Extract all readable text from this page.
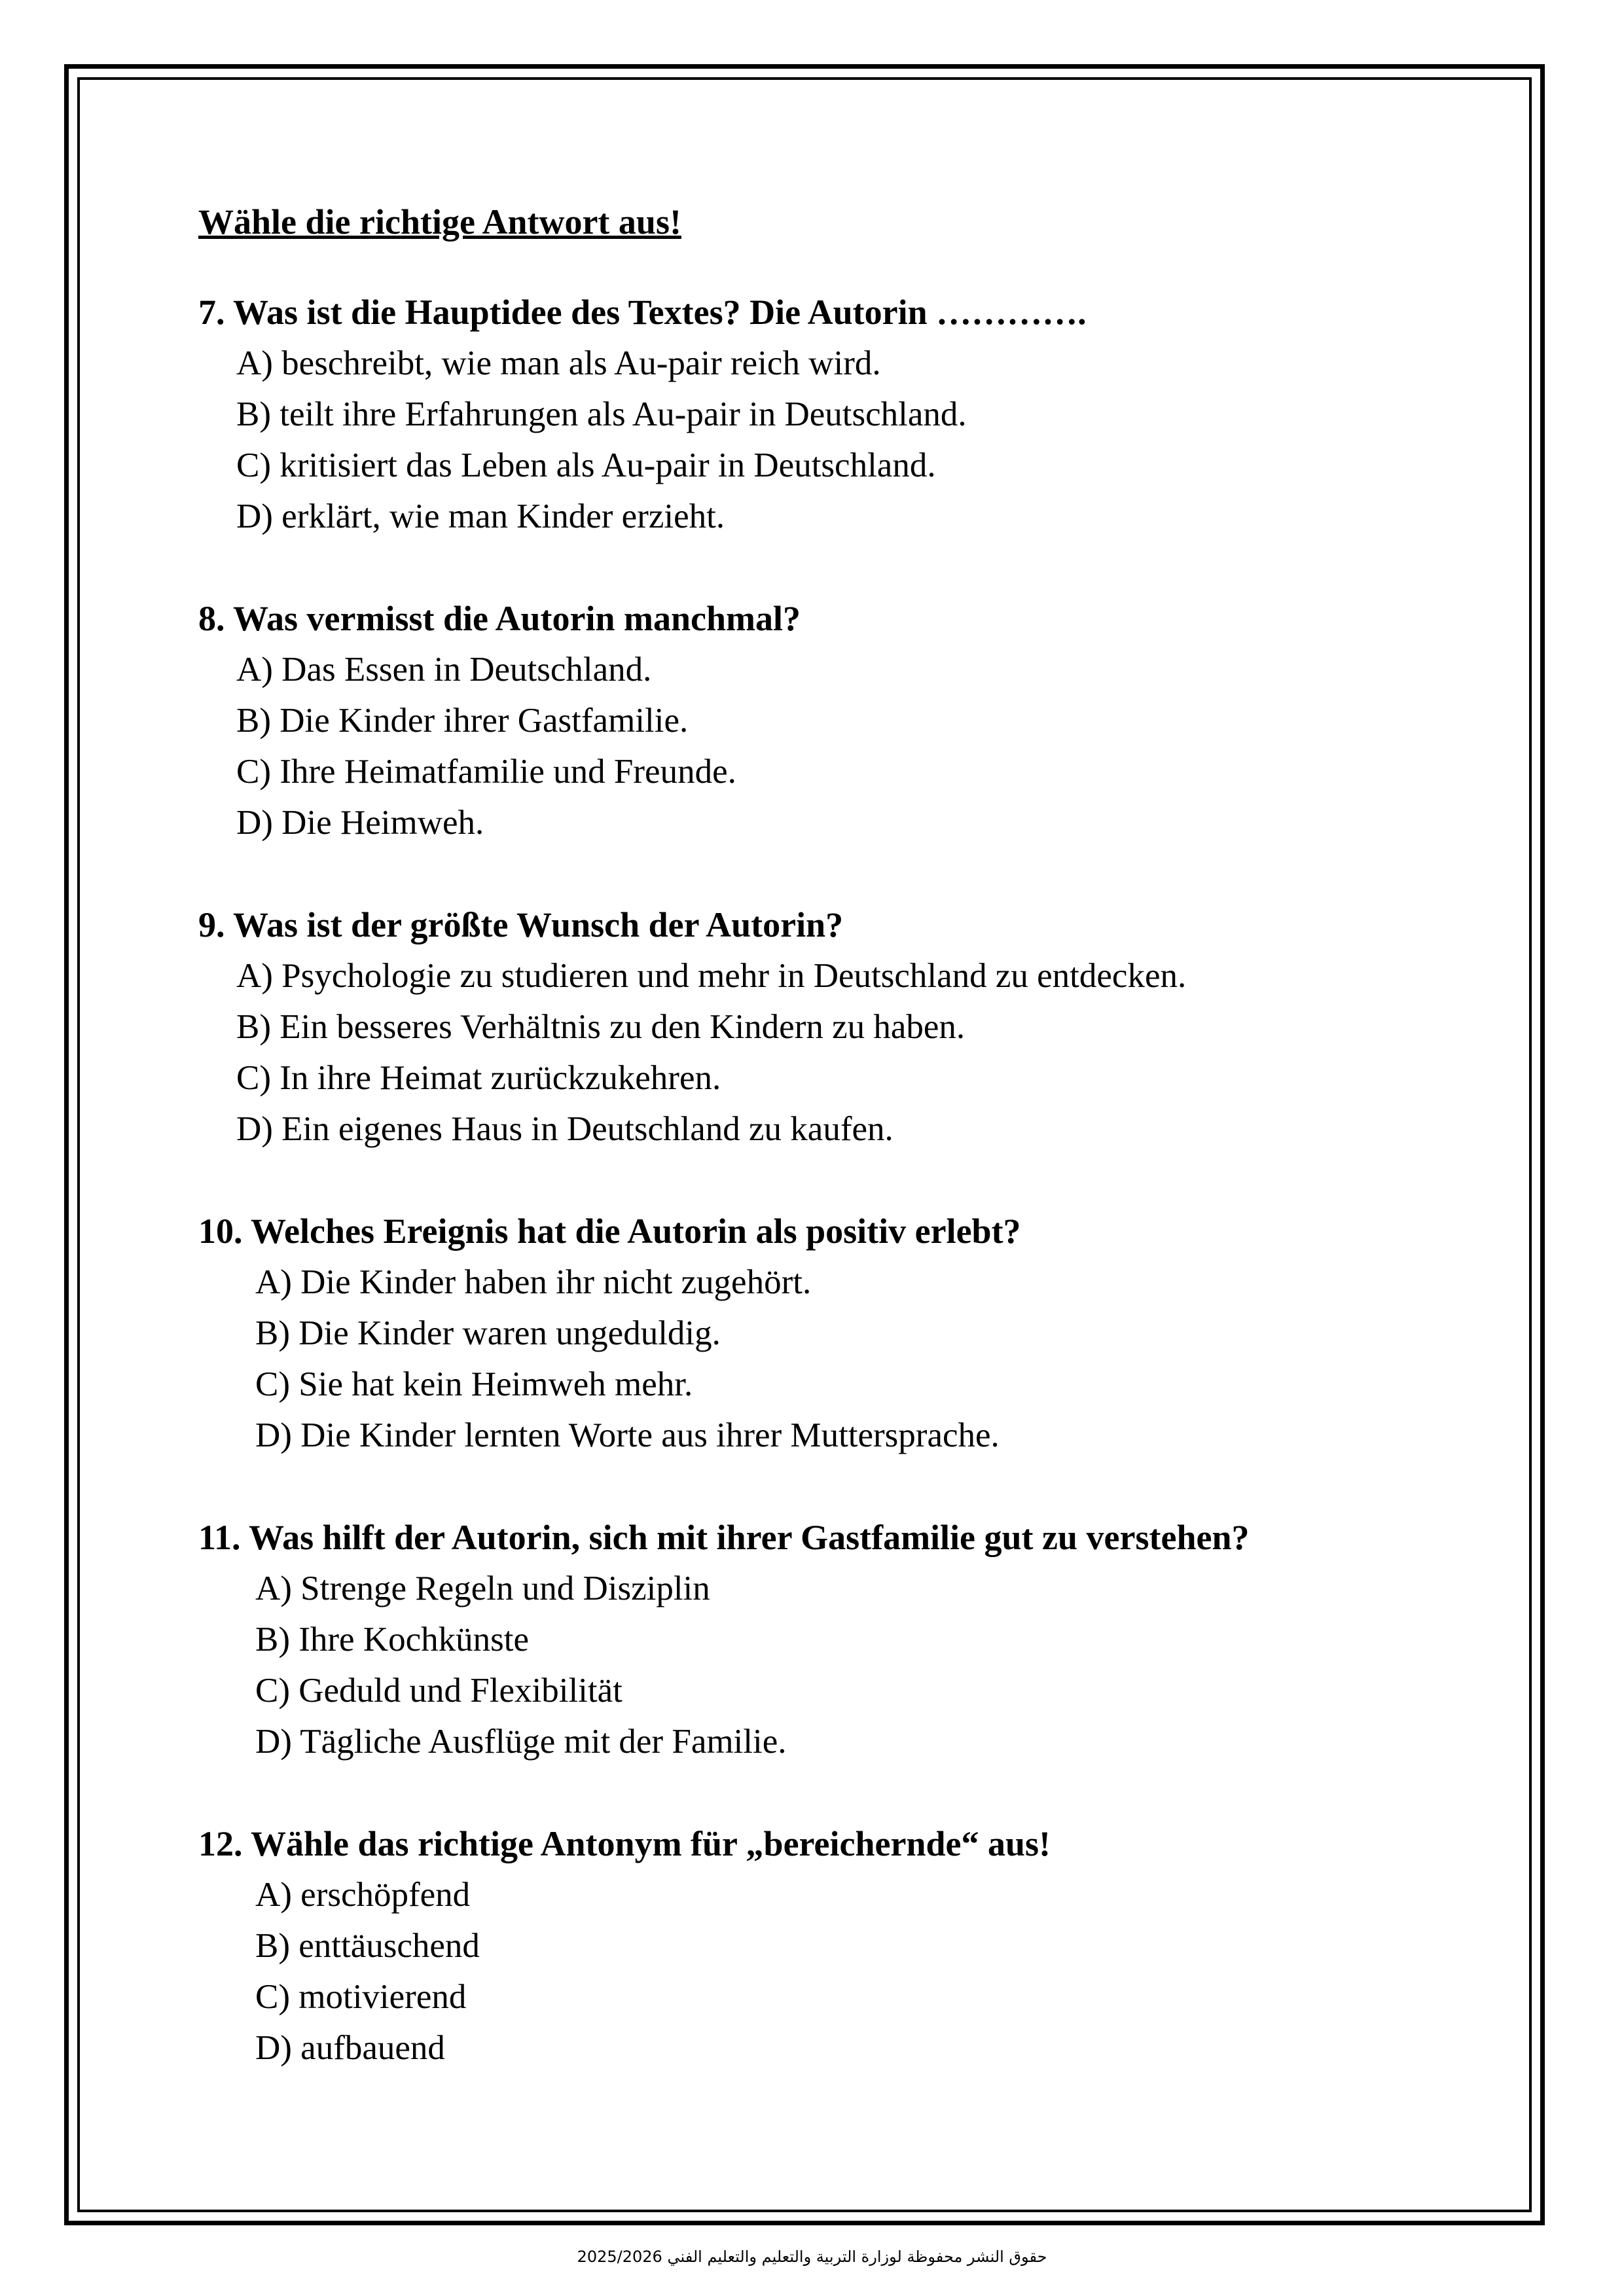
Wähle die richtige Antwort aus!
7. Was ist die Hauptidee des Textes? Die Autorin ………….
A) beschreibt, wie man als Au-pair reich wird.
B) teilt ihre Erfahrungen als Au-pair in Deutschland.
C) kritisiert das Leben als Au-pair in Deutschland.
D) erklärt, wie man Kinder erzieht.
8. Was vermisst die Autorin manchmal?
A) Das Essen in Deutschland.
B) Die Kinder ihrer Gastfamilie.
C) Ihre Heimatfamilie und Freunde.
D) Die Heimweh.
9. Was ist der größte Wunsch der Autorin?
A) Psychologie zu studieren und mehr in Deutschland zu entdecken.
B) Ein besseres Verhältnis zu den Kindern zu haben.
C) In ihre Heimat zurückzukehren.
D) Ein eigenes Haus in Deutschland zu kaufen.
10. Welches Ereignis hat die Autorin als positiv erlebt?
A) Die Kinder haben ihr nicht zugehört.
B) Die Kinder waren ungeduldig.
C) Sie hat kein Heimweh mehr.
D) Die Kinder lernten Worte aus ihrer Muttersprache.
11. Was hilft der Autorin, sich mit ihrer Gastfamilie gut zu verstehen?
A) Strenge Regeln und Disziplin
B) Ihre Kochkünste
C) Geduld und Flexibilität
D) Tägliche Ausflüge mit der Familie.
12. Wähle das richtige Antonym für „bereichernde“ aus!
A) erschöpfend
B) enttäuschend
C) motivierend
D) aufbauend
حقوق النشر محفوظة لوزارة التربية والتعليم والتعليم الفني 2025/2026
